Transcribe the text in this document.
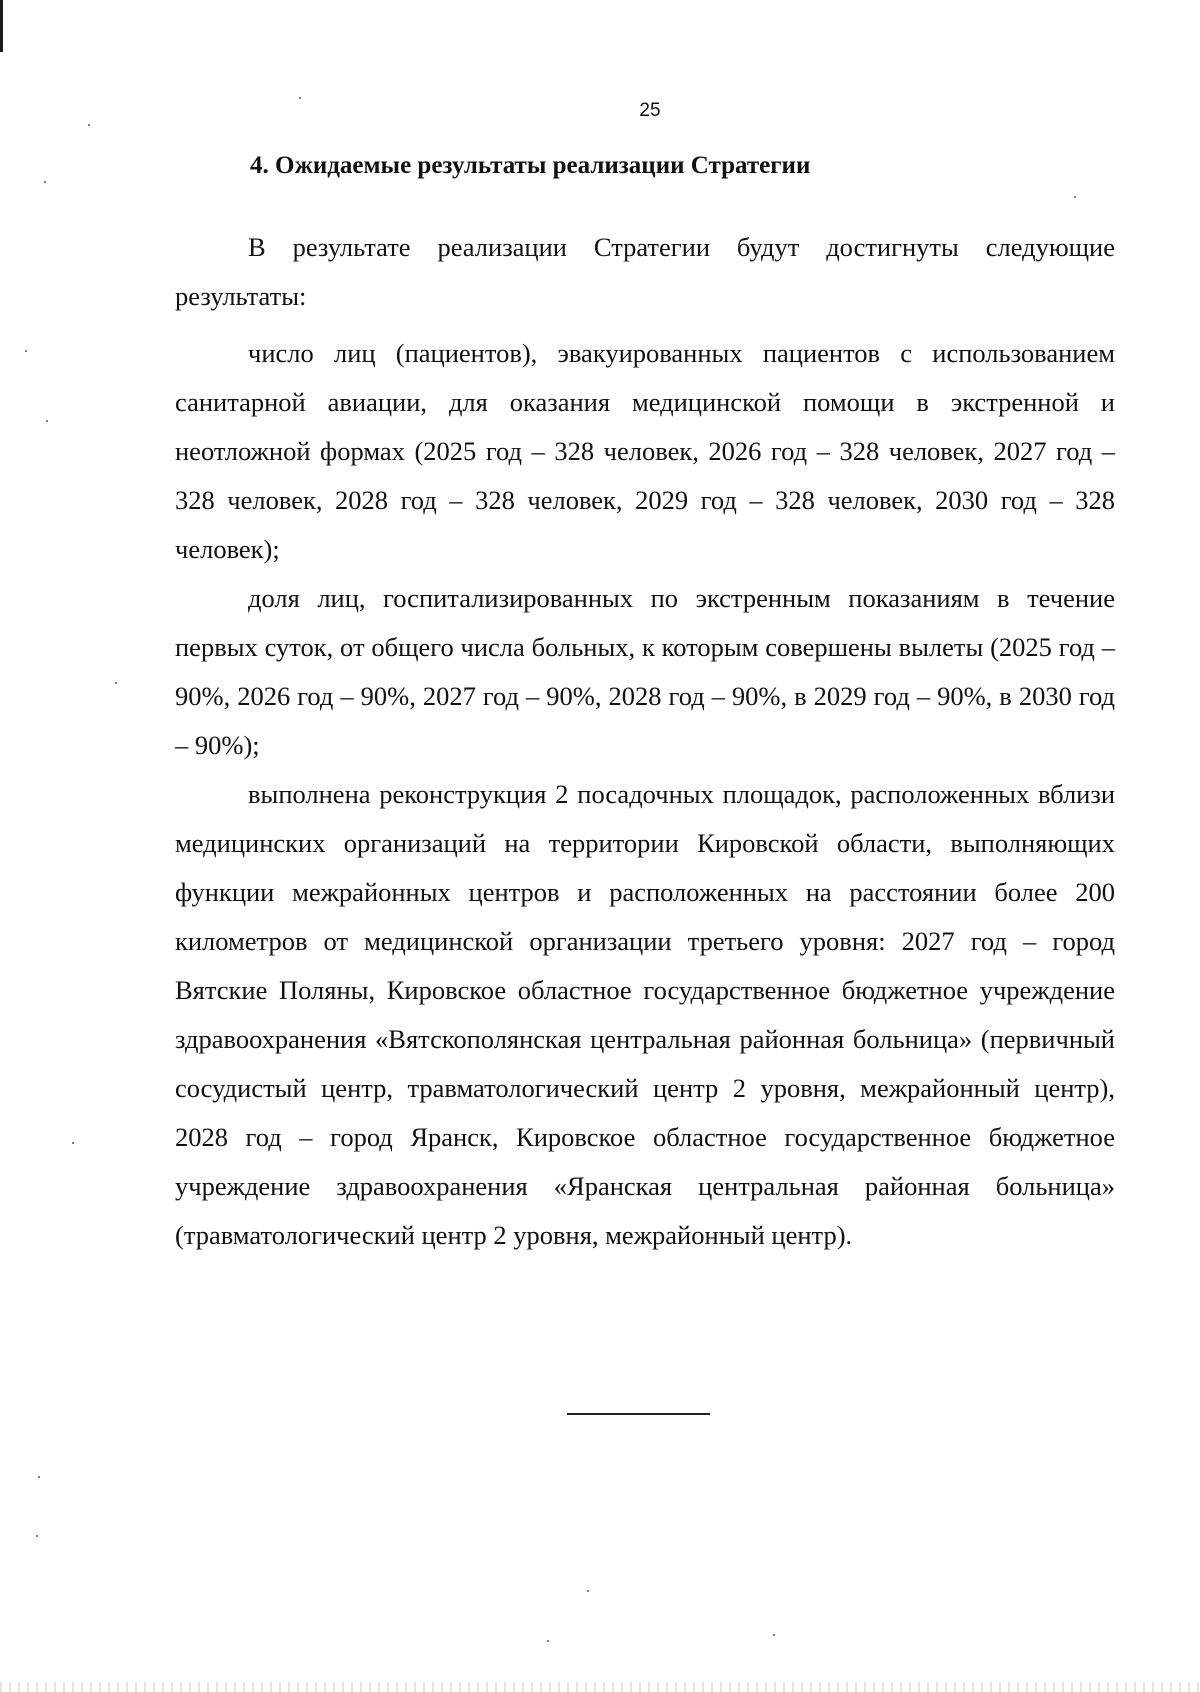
25
4. Ожидаемые результаты реализации Стратегии

В результате реализации Стратегии будут достигнуты следующие результаты:

число лиц (пациентов), эвакуированных пациентов с использованием санитарной авиации, для оказания медицинской помощи в экстренной и неотложной формах (2025 год – 328 человек, 2026 год – 328 человек, 2027 год – 328 человек, 2028 год – 328 человек, 2029 год – 328 человек, 2030 год – 328 человек);

доля лиц, госпитализированных по экстренным показаниям в течение первых суток, от общего числа больных, к которым совершены вылеты (2025 год – 90%, 2026 год – 90%, 2027 год – 90%, 2028 год – 90%, в 2029 год – 90%, в 2030 год – 90%);

выполнена реконструкция 2 посадочных площадок, расположенных вблизи медицинских организаций на территории Кировской области, выполняющих функции межрайонных центров и расположенных на расстоянии более 200 километров от медицинской организации третьего уровня: 2027 год – город Вятские Поляны, Кировское областное государственное бюджетное учреждение здравоохранения «Вятскополянская центральная районная больница» (первичный сосудистый центр, травматологический центр 2 уровня, межрайонный центр), 2028 год – город Яранск, Кировское областное государственное бюджетное учреждение здравоохранения «Яранская центральная районная больница» (травматологический центр 2 уровня, межрайонный центр).
